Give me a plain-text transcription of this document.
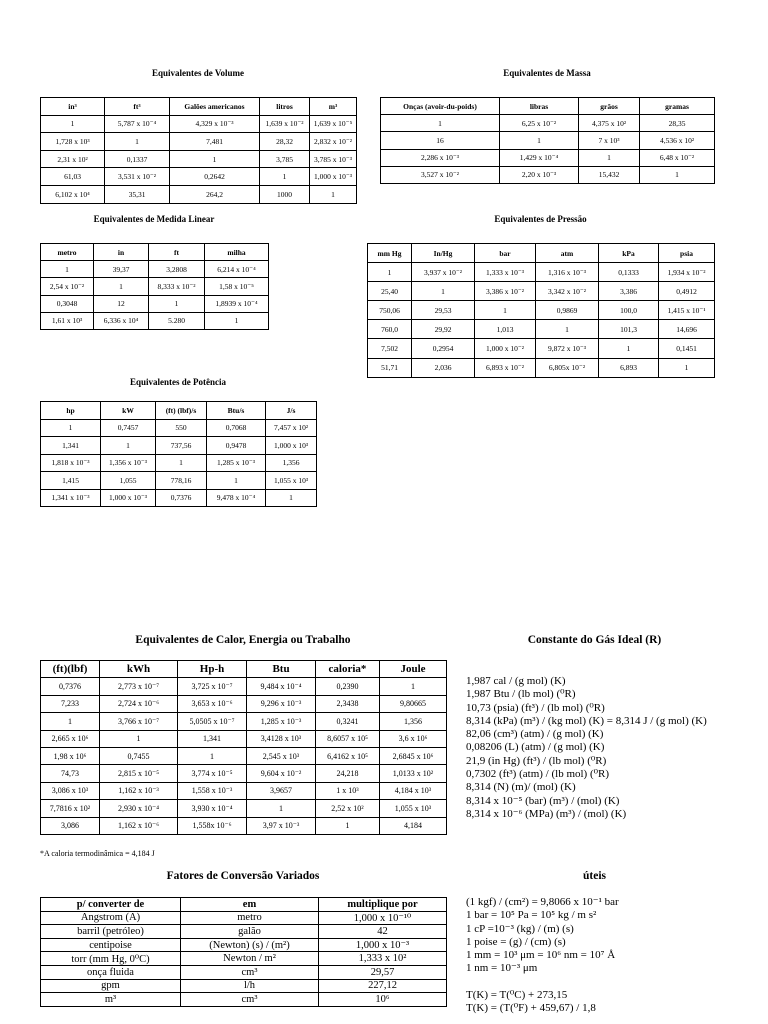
Equivalentes de Volume
in³	ft³	Galões americanos	litros	m³
1	5,787 x 10⁻⁴	4,329 x 10⁻³	1,639 x 10⁻²	1,639 x 10⁻⁵
1,728 x 10³	1	7,481	28,32	2,832 x 10⁻²
2,31 x 10²	0,1337	1	3,785	3,785 x 10⁻³
61,03	3,531 x 10⁻²	0,2642	1	1,000 x 10⁻³
6,102 x 10⁴	35,31	264,2	1000	1
Equivalentes de Massa
Onças (avoir-du-poids)	libras	grãos	gramas
1	6,25 x 10⁻²	4,375 x 10²	28,35
16	1	7 x 10³	4,536 x 10²
2,286 x 10⁻³	1,429 x 10⁻⁴	1	6,48 x 10⁻²
3,527 x 10⁻²	2,20 x 10⁻³	15,432	1
Equivalentes de Medida Linear
metro	in	ft	milha
1	39,37	3,2808	6,214 x 10⁻⁴
2,54 x 10⁻²	1	8,333 x 10⁻²	1,58 x 10⁻⁵
0,3048	12	1	1,8939 x 10⁻⁴
1,61 x 10³	6,336 x 10⁴	5.280	1
Equivalentes de Pressão
mm Hg	In/Hg	bar	atm	kPa	psia
1	3,937 x 10⁻²	1,333 x 10⁻³	1,316 x 10⁻³	0,1333	1,934 x 10⁻²
25,40	1	3,386 x 10⁻²	3,342 x 10⁻²	3,386	0,4912
750,06	29,53	1	0,9869	100,0	1,415 x 10⁻¹
760,0	29,92	1,013	1	101,3	14,696
7,502	0,2954	1,000 x 10⁻²	9,872 x 10⁻³	1	0,1451
51,71	2,036	6,893 x 10⁻²	6,805x 10⁻²	6,893	1
Equivalentes de Potência
hp	kW	(ft) (lbf)/s	Btu/s	J/s
1	0,7457	550	0,7068	7,457 x 10²
1,341	1	737,56	0,9478	1,000 x 10³
1,818 x 10⁻³	1,356 x 10⁻³	1	1,285 x 10⁻³	1,356
1,415	1,055	778,16	1	1,055 x 10³
1,341 x 10⁻³	1,000 x 10⁻³	0,7376	9,478 x 10⁻⁴	1
Equivalentes de Calor, Energia ou Trabalho
(ft)(lbf)	kWh	Hp-h	Btu	caloria*	Joule
0,7376	2,773 x 10⁻⁷	3,725 x 10⁻⁷	9,484 x 10⁻⁴	0,2390	1
7,233	2,724 x 10⁻⁶	3,653 x 10⁻⁶	9,296 x 10⁻³	2,3438	9,80665
1	3,766 x 10⁻⁷	5,0505 x 10⁻⁷	1,285 x 10⁻³	0,3241	1,356
2,665 x 10⁶	1	1,341	3,4128 x 10³	8,6057 x 10⁵	3,6 x 10⁶
1,98 x 10⁶	0,7455	1	2,545 x 10³	6,4162 x 10⁵	2,6845 x 10⁶
74,73	2,815 x 10⁻⁵	3,774 x 10⁻⁵	9,604 x 10⁻²	24,218	1,0133 x 10²
3,086 x 10³	1,162 x 10⁻³	1,558 x 10⁻³	3,9657	1 x 10³	4,184 x 10³
7,7816 x 10²	2,930 x 10⁻⁴	3,930 x 10⁻⁴	1	2,52 x 10²	1,055 x 10³
3,086	1,162 x 10⁻⁶	1,558x 10⁻⁶	3,97 x 10⁻³	1	4,184
*A caloria termodinâmica = 4,184 J
Constante do Gás Ideal (R)
1,987 cal / (g mol) (K)
1,987 Btu / (lb mol) (⁰R)
10,73 (psia) (ft³) / (lb mol) (⁰R)
8,314 (kPa) (m³) / (kg mol) (K) = 8,314 J / (g mol) (K)
82,06 (cm³) (atm) / (g mol) (K)
0,08206 (L) (atm) / (g mol) (K)
21,9 (in Hg) (ft³) / (lb mol) (⁰R)
0,7302 (ft³) (atm) / (lb mol) (⁰R)
8,314 (N) (m)/ (mol) (K)
8,314 x 10⁻⁵ (bar) (m³) / (mol) (K)
8,314 x 10⁻⁶ (MPa) (m³) / (mol) (K)
Fatores de Conversão Variados
p/ converter de	em	multiplique por
Angstrom (A)	metro	1,000 x 10⁻¹⁰
barril (petróleo)	galão	42
centipoise	(Newton) (s) / (m²)	1,000 x 10⁻³
torr (mm Hg, 0⁰C)	Newton / m²	1,333 x 10²
onça fluida	cm³	29,57
gpm	l/h	227,12
m³	cm³	10⁶
úteis
(1 kgf) / (cm²) = 9,8066 x 10⁻¹ bar
1 bar = 10⁵ Pa = 10⁵ kg / m s²
1 cP =10⁻³ (kg) / (m) (s)
1 poise = (g) / (cm) (s)
1 mm = 10³ μm = 10⁶ nm = 10⁷ Å
1 nm = 10⁻³ μm
T(K) = T(⁰C) + 273,15
T(K) = (T(⁰F) + 459,67) / 1,8
